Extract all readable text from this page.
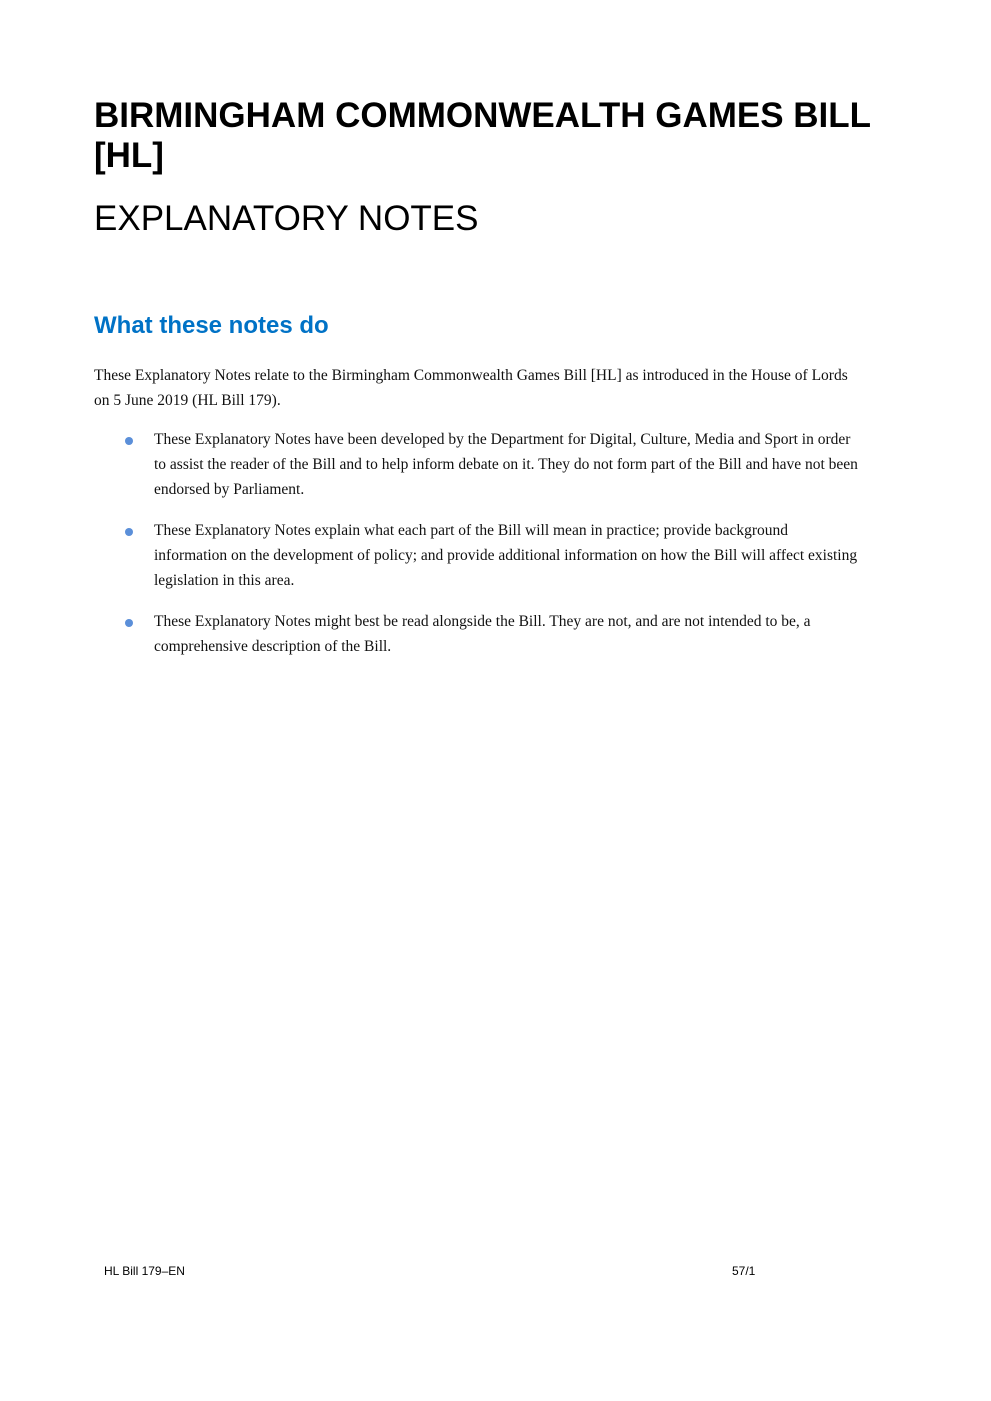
BIRMINGHAM COMMONWEALTH GAMES BILL [HL]
EXPLANATORY NOTES
What these notes do

These Explanatory Notes relate to the Birmingham Commonwealth Games Bill [HL] as introduced in the House of Lords on 5 June 2019 (HL Bill 179).

These Explanatory Notes have been developed by the Department for Digital, Culture, Media and Sport in order to assist the reader of the Bill and to help inform debate on it. They do not form part of the Bill and have not been endorsed by Parliament.
These Explanatory Notes explain what each part of the Bill will mean in practice; provide background information on the development of policy; and provide additional information on how the Bill will affect existing legislation in this area.
These Explanatory Notes might best be read alongside the Bill. They are not, and are not intended to be, a comprehensive description of the Bill.
HL Bill 179–EN	57/1
